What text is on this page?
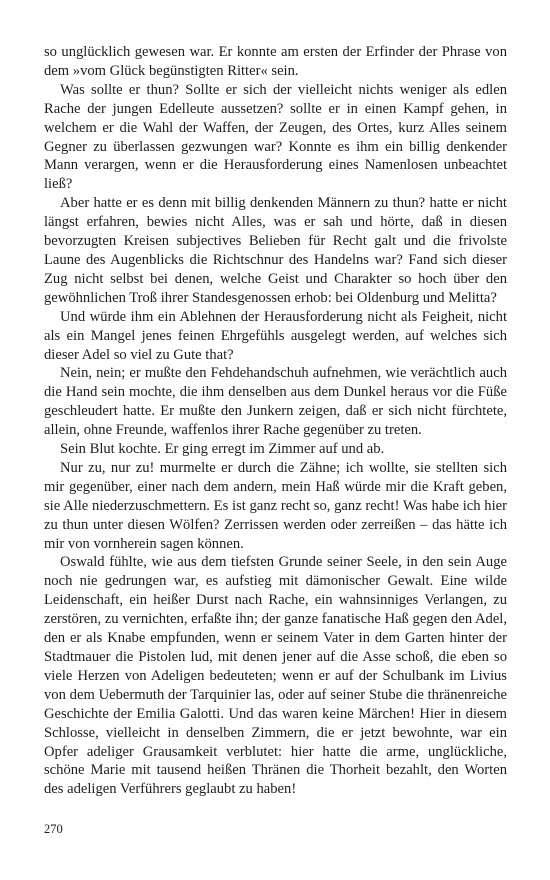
so unglücklich gewesen war. Er konnte am ersten der Erfinder der Phrase von dem »vom Glück begünstigten Ritter« sein.

Was sollte er thun? Sollte er sich der vielleicht nichts weniger als edlen Rache der jungen Edelleute aussetzen? sollte er in einen Kampf gehen, in welchem er die Wahl der Waffen, der Zeugen, des Ortes, kurz Alles seinem Gegner zu überlassen gezwungen war? Konnte es ihm ein billig denkender Mann verargen, wenn er die Herausforderung eines Namenlosen unbeachtet ließ?

Aber hatte er es denn mit billig denkenden Männern zu thun? hatte er nicht längst erfahren, bewies nicht Alles, was er sah und hörte, daß in diesen bevorzugten Kreisen subjectives Belieben für Recht galt und die frivolste Laune des Augenblicks die Richtschnur des Handelns war? Fand sich dieser Zug nicht selbst bei denen, welche Geist und Charakter so hoch über den gewöhnlichen Troß ihrer Standesgenossen erhob: bei Oldenburg und Melitta?

Und würde ihm ein Ablehnen der Herausforderung nicht als Feigheit, nicht als ein Mangel jenes feinen Ehrgefühls ausgelegt werden, auf welches sich dieser Adel so viel zu Gute that?

Nein, nein; er mußte den Fehdehandschuh aufnehmen, wie verächtlich auch die Hand sein mochte, die ihm denselben aus dem Dunkel heraus vor die Füße geschleudert hatte. Er mußte den Junkern zeigen, daß er sich nicht fürchtete, allein, ohne Freunde, waffenlos ihrer Rache gegenüber zu treten.

Sein Blut kochte. Er ging erregt im Zimmer auf und ab.

Nur zu, nur zu! murmelte er durch die Zähne; ich wollte, sie stellten sich mir gegenüber, einer nach dem andern, mein Haß würde mir die Kraft geben, sie Alle niederzuschmettern. Es ist ganz recht so, ganz recht! Was habe ich hier zu thun unter diesen Wölfen? Zerrissen werden oder zerreißen – das hätte ich mir von vornherein sagen können.

Oswald fühlte, wie aus dem tiefsten Grunde seiner Seele, in den sein Auge noch nie gedrungen war, es aufstieg mit dämonischer Gewalt. Eine wilde Leidenschaft, ein heißer Durst nach Rache, ein wahnsinniges Verlangen, zu zerstören, zu vernichten, erfaßte ihn; der ganze fanatische Haß gegen den Adel, den er als Knabe empfunden, wenn er seinem Vater in dem Garten hinter der Stadtmauer die Pistolen lud, mit denen jener auf die Asse schoß, die eben so viele Herzen von Adeligen bedeuteten; wenn er auf der Schulbank im Livius von dem Uebermuth der Tarquinier las, oder auf seiner Stube die thränenreiche Geschichte der Emilia Galotti. Und das waren keine Märchen! Hier in diesem Schlosse, vielleicht in denselben Zimmern, die er jetzt bewohnte, war ein Opfer adeliger Grausamkeit verblutet: hier hatte die arme, unglückliche, schöne Marie mit tausend heißen Thränen die Thorheit bezahlt, den Worten des adeligen Verführers geglaubt zu haben!

270
